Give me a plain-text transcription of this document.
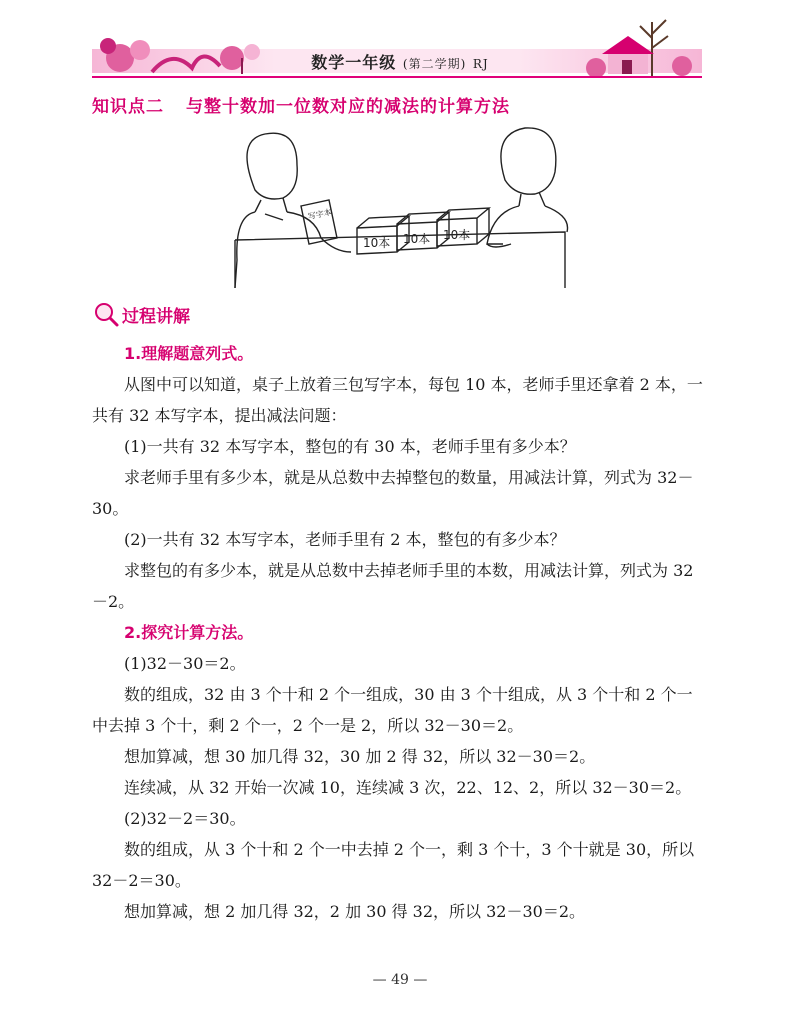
数学一年级 (第二学期) RJ
知识点二 与整十数加一位数对应的减法的计算方法
10本 10本 10本
写字本
过程讲解

1.理解题意列式。

从图中可以知道，桌子上放着三包写字本，每包 10 本，老师手里还拿着 2 本，一共有 32 本写字本，提出减法问题：

(1)一共有 32 本写字本，整包的有 30 本，老师手里有多少本？

求老师手里有多少本，就是从总数中去掉整包的数量，用减法计算，列式为 32－30。

(2)一共有 32 本写字本，老师手里有 2 本，整包的有多少本？

求整包的有多少本，就是从总数中去掉老师手里的本数，用减法计算，列式为 32－2。

2.探究计算方法。

(1)32－30＝2。

数的组成，32 由 3 个十和 2 个一组成，30 由 3 个十组成，从 3 个十和 2 个一中去掉 3 个十，剩 2 个一，2 个一是 2，所以 32－30＝2。

想加算减，想 30 加几得 32，30 加 2 得 32，所以 32－30＝2。

连续减，从 32 开始一次减 10，连续减 3 次，22、12、2，所以 32－30＝2。

(2)32－2＝30。

数的组成，从 3 个十和 2 个一中去掉 2 个一，剩 3 个十，3 个十就是 30，所以 32－2＝30。

想加算减，想 2 加几得 32，2 加 30 得 32，所以 32－30＝2。

— 49 —
